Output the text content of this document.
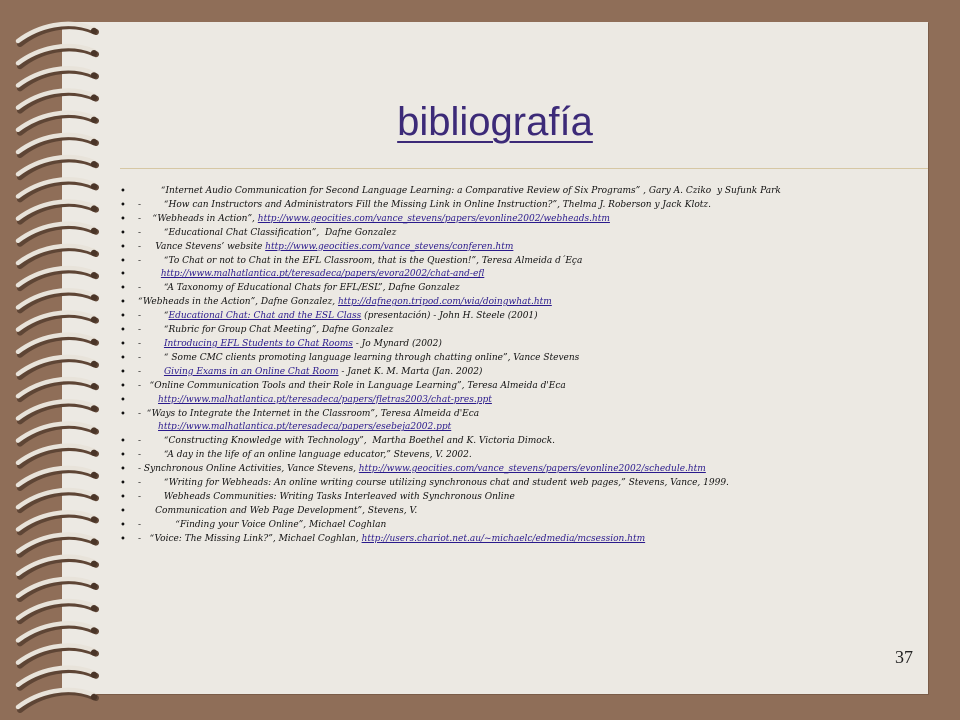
bibliografía
•         “Internet Audio Communication for Second Language Learning: a Comparative Review of Six Programs” , Gary A. Cziko  y Sufunk Park
• -        “How can Instructors and Administrators Fill the Missing Link in Online Instruction?”, Thelma J. Roberson y Jack Klotz.
• -    “Webheads in Action”, http://www.geocities.com/vance_stevens/papers/evonline2002/webheads.htm
• -        “Educational Chat Classification”,  Dafne Gonzalez
• -     Vance Stevens’ website http://www.geocities.com/vance_stevens/conferen.htm
• -        “To Chat or not to Chat in the EFL Classroom, that is the Question!”, Teresa Almeida d´Eça
• http://www.malhatlantica.pt/teresadeca/papers/evora2002/chat-and-efl
• -        “A Taxonomy of Educational Chats for EFL/ESL”, Dafne Gonzalez
• “Webheads in the Action”, Dafne Gonzalez, http://dafnegon.tripod.com/wia/doingwhat.htm
• -        “Educational Chat: Chat and the ESL Class (presentación) - John H. Steele (2001)
• -        “Rubric for Group Chat Meeting”, Dafne Gonzalez
• -        Introducing EFL Students to Chat Rooms - Jo Mynard (2002)
• -        “ Some CMC clients promoting language learning through chatting online”, Vance Stevens
• -        Giving Exams in an Online Chat Room - Janet K. M. Marta (Jan. 2002)
• -   “Online Communication Tools and their Role in Language Learning”, Teresa Almeida d'Eca
• http://www.malhatlantica.pt/teresadeca/papers/fletras2003/chat-pres.ppt
• -  “Ways to Integrate the Internet in the Classroom”, Teresa Almeida d'Eca
http://www.malhatlantica.pt/teresadeca/papers/esebeja2002.ppt
• -        “Constructing Knowledge with Technology”,  Martha Boethel and K. Victoria Dimock.
• -        “A day in the life of an online language educator,” Stevens, V. 2002.
• - Synchronous Online Activities, Vance Stevens, http://www.geocities.com/vance_stevens/papers/evonline2002/schedule.htm
• -        “Writing for Webheads: An online writing course utilizing synchronous chat and student web pages,” Stevens, Vance, 1999.
• -        Webheads Communities: Writing Tasks Interleaved with Synchronous Online
•       Communication and Web Page Development”, Stevens, V.
• -            “Finding your Voice Online”, Michael Coghlan
• -   “Voice: The Missing Link?”, Michael Coghlan, http://users.chariot.net.au/~michaelc/edmedia/mcsession.htm
37
